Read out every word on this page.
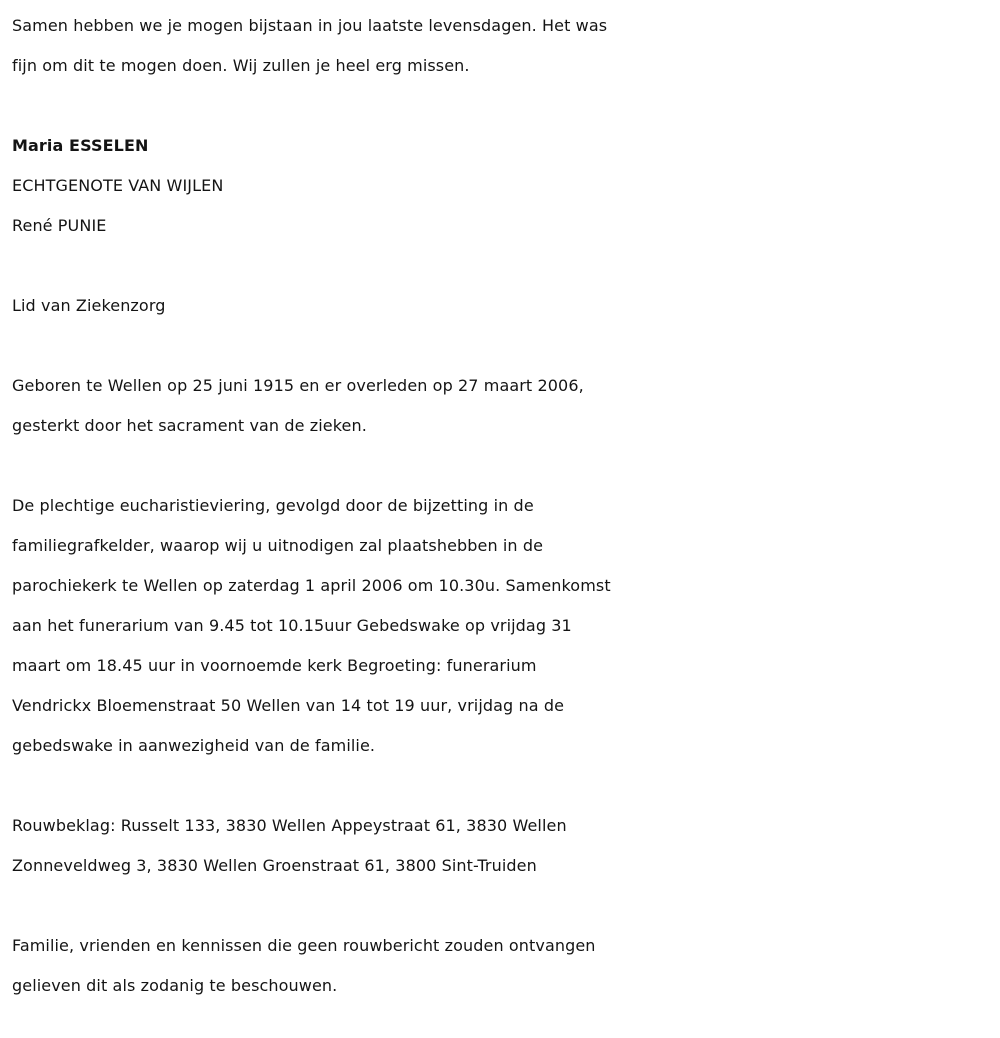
Samen hebben we je mogen bijstaan in jou laatste levensdagen. Het was
fijn om dit te mogen doen. Wij zullen je heel erg missen.
Maria ESSELEN
ECHTGENOTE VAN WIJLEN
René PUNIE
Lid van Ziekenzorg
Geboren te Wellen op 25 juni 1915 en er overleden op 27 maart 2006,
gesterkt door het sacrament van de zieken.
De plechtige eucharistieviering, gevolgd door de bijzetting in de
familiegrafkelder, waarop wij u uitnodigen zal plaatshebben in de
parochiekerk te Wellen op zaterdag 1 april 2006 om 10.30u. Samenkomst
aan het funerarium van 9.45 tot 10.15uur Gebedswake op vrijdag 31
maart om 18.45 uur in voornoemde kerk Begroeting: funerarium
Vendrickx Bloemenstraat 50 Wellen van 14 tot 19 uur, vrijdag na de
gebedswake in aanwezigheid van de familie.
Rouwbeklag: Russelt 133, 3830 Wellen Appeystraat 61, 3830 Wellen
Zonneveldweg 3, 3830 Wellen Groenstraat 61, 3800 Sint-Truiden
Familie, vrienden en kennissen die geen rouwbericht zouden ontvangen
gelieven dit als zodanig te beschouwen.
